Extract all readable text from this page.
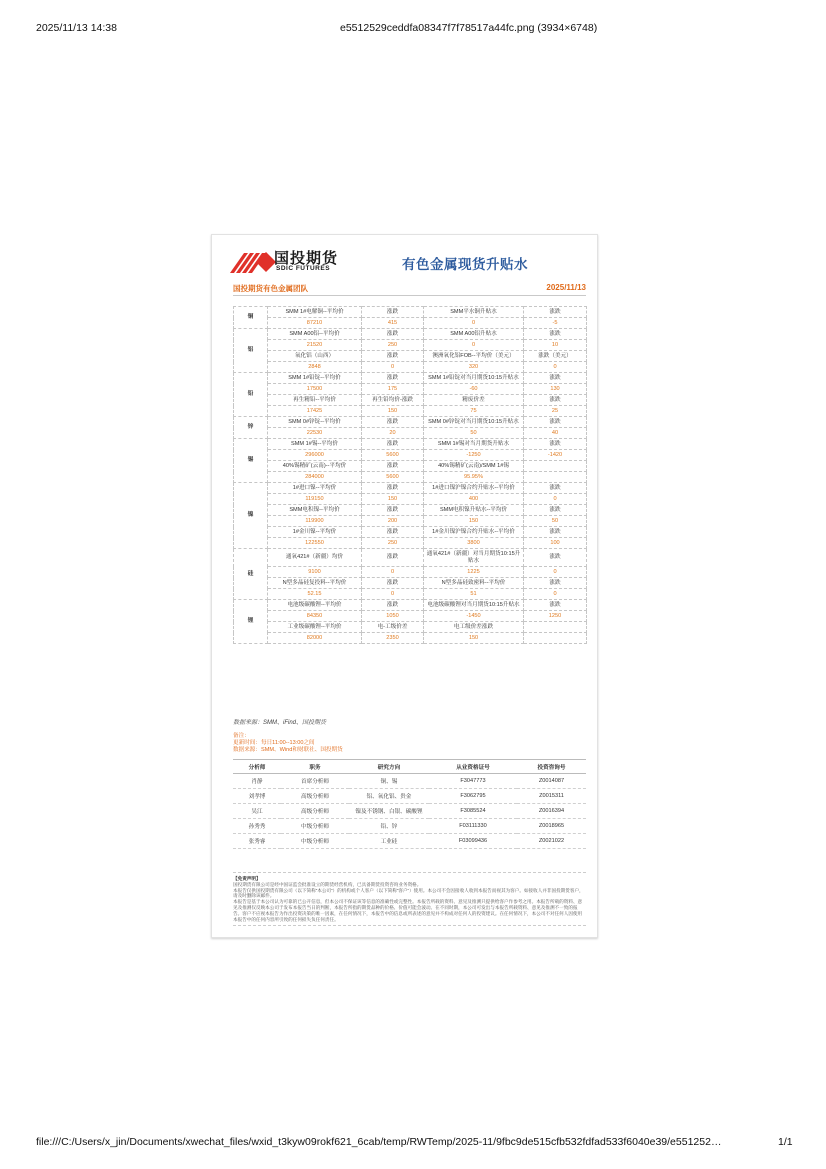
2025/11/13 14:38	e5512529ceddfa08347f7f78517a44fc.png (3934×6748)
国投期货
SDIC FUTURES	有色金属现货升贴水
国投期货有色金属团队	2025/11/13
铜	SMM 1#电解铜--平均价	涨跌	SMM平水铜升贴水	涨跌
	87210	415	0	-5
铝	SMM A00铝--平均价	涨跌	SMM A00铝升贴水	涨跌
	21520	250	0	10
	氧化铝（山西）	涨跌	澳洲氧化铝FOB--平均价（美元）	涨跌（美元）
	2848	0	320	0
铅	SMM 1#铅锭--平均价	涨跌	SMM 1#铅锭对当月期货10:15升贴水	涨跌
	17500	175	-60	130
	再生精铅--平均价	再生铅均价-涨跌	精废价差	涨跌
	17425	150	75	25
锌	SMM 0#锌锭--平均价	涨跌	SMM 0#锌锭对当月期货10:15升贴水	涨跌
	22530	20	50	40
锡	SMM 1#锡--平均价	涨跌	SMM 1#锡对当月期货升贴水	涨跌
	296000	5600	-1250	-1420
	40%锡精矿(云南)--平均价	涨跌	40%锡精矿(云南)/SMM 1#锡	
	284000	5600	95.95%	
镍	1#进口镍--平均价	涨跌	1#进口镍沪镍合约升贴水--平均价	涨跌
	119150	150	400	0
	SMM电积镍--平均价	涨跌	SMM电积镍升贴水--平均价	涨跌
	119900	200	150	50
	1#金川镍--平均价	涨跌	1#金川镍沪镍合约升贴水--平均价	涨跌
	122550	250	3800	100
硅	通氧421#（新疆）均价	涨跌	通氧421#（新疆）对当月期货10:15升贴水	涨跌
	9100	0	1225	0
	N型多晶硅复投料--平均价	涨跌	N型多晶硅致密料--平均价	涨跌
	52.15	0	51	0
锂	电池级碳酸锂--平均价	涨跌	电池级碳酸锂对当月期货10:15升贴水	涨跌
	84350	1050	-1450	1250
	工业级碳酸锂--平均价	电-工级价差	电工级价差涨跌	
	82000	2350	150	
数据来源：SMM、iFind、国投期货
备注：
更新时间：每日11:00--13:00之间
数据来源：SMM、Wind和财联社、国投期货
分析师	职务	研究方向	从业资格证号	投资咨询号
肖静	首席分析师	铜、锡	F3047773	Z0014087
刘孝博	高级分析师	铝、氧化铝、贵金	F3062795	Z0015311
吴江	高级分析师	镍及不锈钢、白银、碳酸锂	F3085524	Z0016394
孙秀秀	中级分析师	铅、锌	F03111330	Z0018965
张秀睿	中级分析师	工业硅	F03099436	Z0021022
【免责声明】
国投期货有限公司是经中国证监会批准设立的期货经营机构，已具备期货投资咨询业务资格。
本报告仅供国投期货有限公司（以下简称“本公司”）的机构或个人客户（以下简称“客户”）使用。本公司不会因接收人收到本报告而视其为客户。如接收人并非国投期货客户，请及时删除该邮件。
本报告是基于本公司认为可靠的已公开信息，但本公司不保证该等信息的准确性或完整性。本报告所载的资料、意见及推测只提供给客户作参考之用。本报告所载的资料、意见及推测仅反映本公司于发布本报告当日的判断，本报告所指的期货品种的价格、价值可能会波动。在不同时期，本公司可发出与本报告所载资料、意见及推测不一致的报告。客户不应视本报告为作出投资决策的唯一因素，在任何情况下，本报告中的信息或所表述的意见并不构成对任何人的投资建议。在任何情况下，本公司不对任何人因使用本报告中的任何内容所引致的任何损失负任何责任。
file:///C:/Users/x_jin/Documents/xwechat_files/wxid_t3kyw09rokf621_6cab/temp/RWTemp/2025-11/9fbc9de515cfb532fdfad533f6040e39/e551252…	1/1
